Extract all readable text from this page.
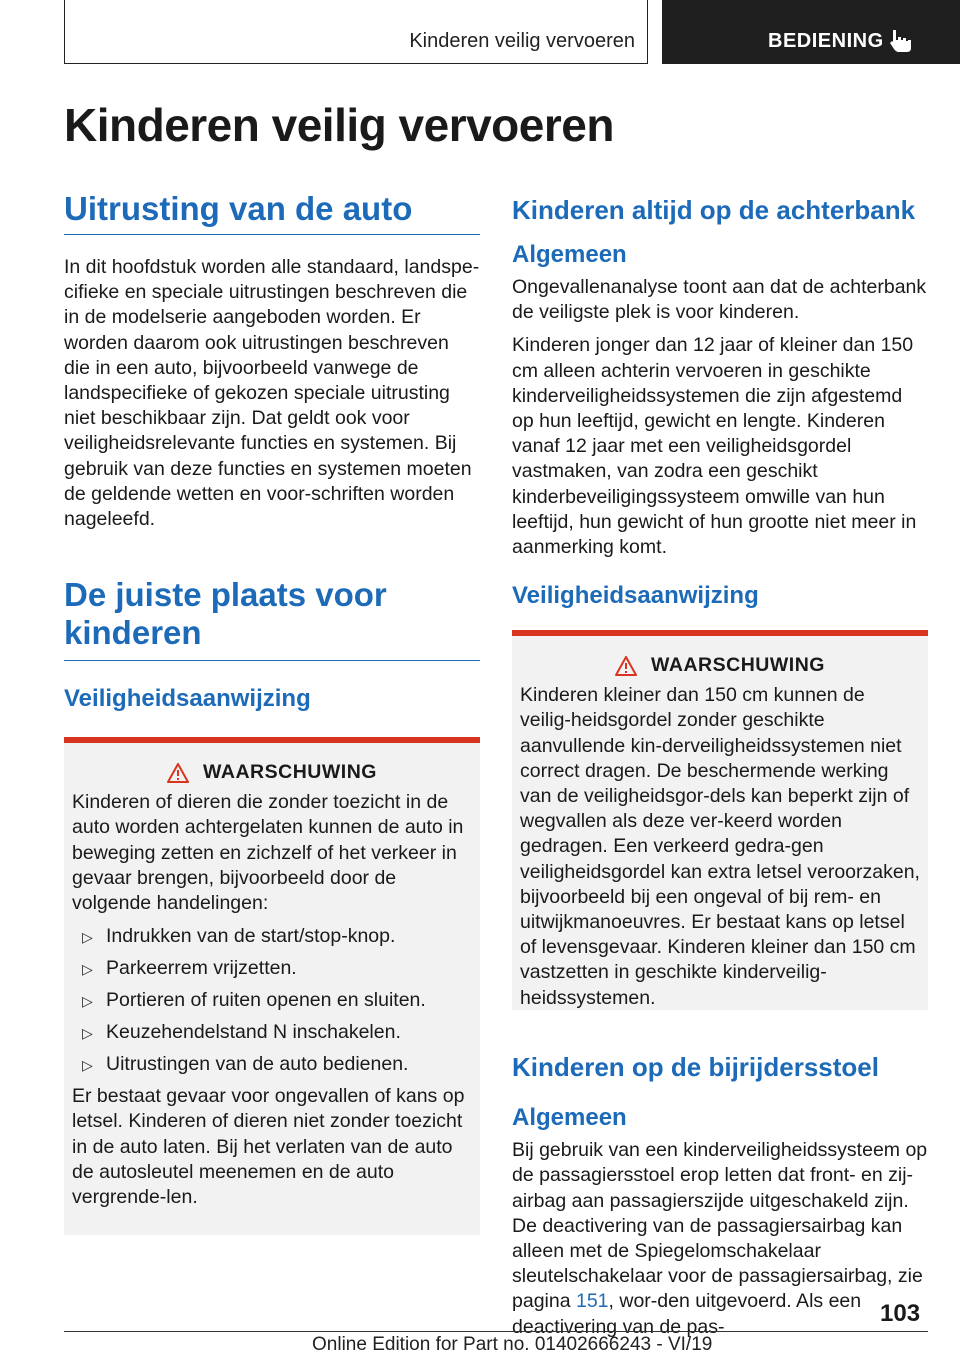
Kinderen veilig vervoeren	BEDIENING
Kinderen veilig vervoeren
Uitrusting van de auto

In dit hoofdstuk worden alle standaard, landspe-cifieke en speciale uitrustingen beschreven die in de modelserie aangeboden worden. Er worden daarom ook uitrustingen beschreven die in een auto, bijvoorbeeld vanwege de landspecifieke of gekozen speciale uitrusting niet beschikbaar zijn. Dat geldt ook voor veiligheidsrelevante functies en systemen. Bij gebruik van deze functies en systemen moeten de geldende wetten en voor-schriften worden nageleefd.

De juiste plaats voor
kinderen
Veiligheidsaanwijzing
WAARSCHUWING

Kinderen of dieren die zonder toezicht in de auto worden achtergelaten kunnen de auto in beweging zetten en zichzelf of het verkeer in gevaar brengen, bijvoorbeeld door de volgende handelingen:

▷ Indrukken van de start/stop-knop.
▷ Parkeerrem vrijzetten.
▷ Portieren of ruiten openen en sluiten.
▷ Keuzehendelstand N inschakelen.
▷ Uitrustingen van de auto bedienen.

Er bestaat gevaar voor ongevallen of kans op letsel. Kinderen of dieren niet zonder toezicht in de auto laten. Bij het verlaten van de auto de autosleutel meenemen en de auto vergrende-len.

Kinderen altijd op de achterbank
Algemeen

Ongevallenanalyse toont aan dat de achterbank de veiligste plek is voor kinderen.

Kinderen jonger dan 12 jaar of kleiner dan 150 cm alleen achterin vervoeren in geschikte kinderveiligheidssystemen die zijn afgestemd op hun leeftijd, gewicht en lengte. Kinderen vanaf 12 jaar met een veiligheidsgordel vastmaken, van zodra een geschikt kinderbeveiligingssysteem omwille van hun leeftijd, hun gewicht of hun grootte niet meer in aanmerking komt.

Veiligheidsaanwijzing
WAARSCHUWING

Kinderen kleiner dan 150 cm kunnen de veilig-heidsgordel zonder geschikte aanvullende kin-derveiligheidssystemen niet correct dragen. De beschermende werking van de veiligheidsgor-dels kan beperkt zijn of wegvallen als deze ver-keerd worden gedragen. Een verkeerd gedra-gen veiligheidsgordel kan extra letsel veroorzaken, bijvoorbeeld bij een ongeval of bij rem- en uitwijkmanoeuvres. Er bestaat kans op letsel of levensgevaar. Kinderen kleiner dan 150 cm vastzetten in geschikte kinderveilig-heidssystemen.

Kinderen op de bijrijdersstoel
Algemeen

Bij gebruik van een kinderveiligheidssysteem op de passagiersstoel erop letten dat front- en zij-airbag aan passagierszijde uitgeschakeld zijn. De deactivering van de passagiersairbag kan alleen met de Spiegelomschakelaar sleutelschakelaar voor de passagiersairbag, zie pagina 151, wor-den uitgevoerd. Als een deactivering van de pas-	103
Online Edition for Part no. 01402666243 - VI/19
